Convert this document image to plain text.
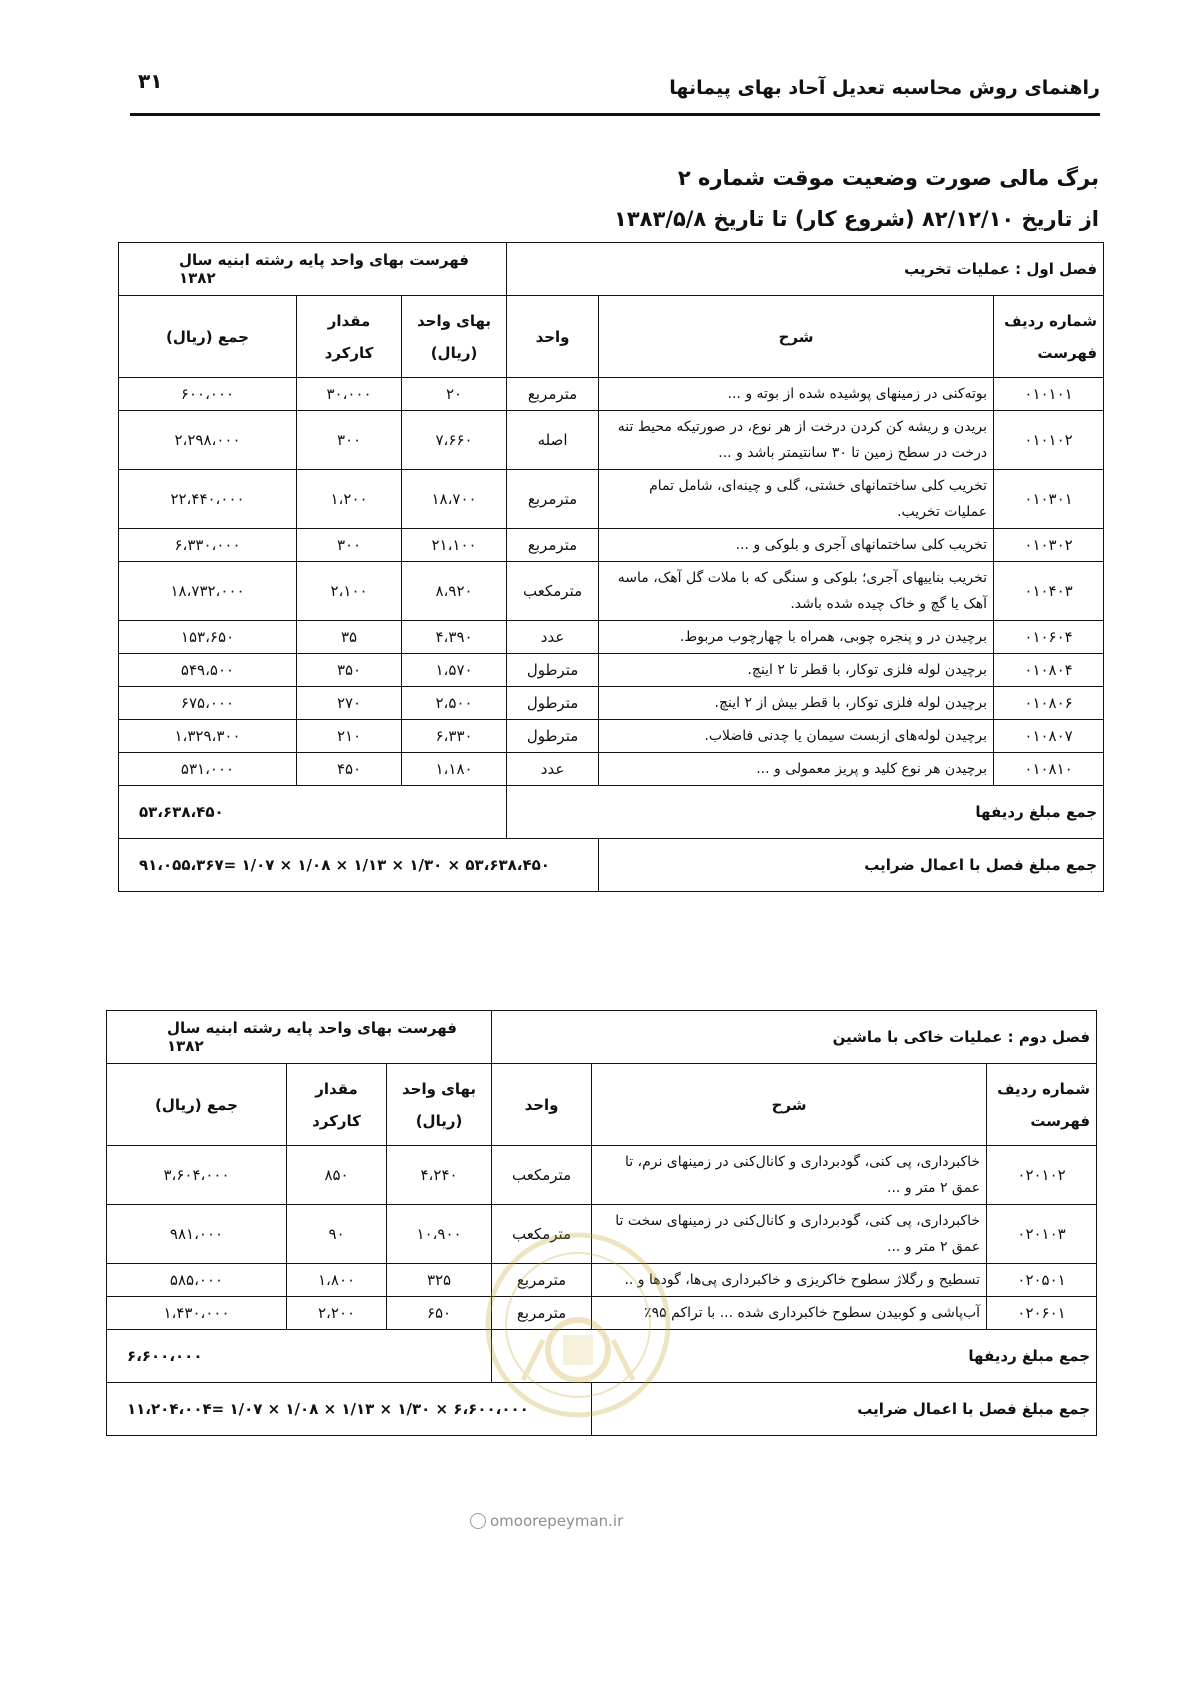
راهنمای روش محاسبه تعدیل آحاد بهای پیمانها
۳۱
برگ مالی صورت وضعیت موقت شماره ۲
از تاریخ ۸۲/۱۲/۱۰ (شروع کار) تا تاریخ ۱۳۸۳/۵/۸
فصل اول : عملیات تخریب			فهرست بهای واحد پایه رشته ابنیه سال ۱۳۸۲		
شماره ردیف فهرست	شرح	واحد	بهای واحد (ریال)	مقدار کارکرد	جمع (ریال)
۰۱۰۱۰۱	بوته‌کنی در زمینهای پوشیده شده از بوته و ...	مترمربع	۲۰	۳۰،۰۰۰	۶۰۰،۰۰۰
۰۱۰۱۰۲	بریدن و ریشه کن کردن درخت از هر نوع، در صورتیکه محیط تنه درخت در سطح زمین تا ۳۰ سانتیمتر باشد و ...	اصله	۷،۶۶۰	۳۰۰	۲،۲۹۸،۰۰۰
۰۱۰۳۰۱	تخریب کلی ساختمانهای خشتی، گلی و چینه‌ای، شامل تمام عملیات تخریب.	مترمربع	۱۸،۷۰۰	۱،۲۰۰	۲۲،۴۴۰،۰۰۰
۰۱۰۳۰۲	تخریب کلی ساختمانهای آجری و بلوکی و ...	مترمربع	۲۱،۱۰۰	۳۰۰	۶،۳۳۰،۰۰۰
۰۱۰۴۰۳	تخریب بناییهای آجری؛ بلوکی و سنگی که با ملات گل آهک، ماسه آهک یا گچ و خاک چیده شده باشد.	مترمکعب	۸،۹۲۰	۲،۱۰۰	۱۸،۷۳۲،۰۰۰
۰۱۰۶۰۴	برچیدن در و پنجره چوبی، همراه با چهارچوب مربوط.	عدد	۴،۳۹۰	۳۵	۱۵۳،۶۵۰
۰۱۰۸۰۴	برچیدن لوله فلزی توکار، با قطر تا ۲ اینچ.	مترطول	۱،۵۷۰	۳۵۰	۵۴۹،۵۰۰
۰۱۰۸۰۶	برچیدن لوله فلزی توکار، با قطر بیش از ۲ اینچ.	مترطول	۲،۵۰۰	۲۷۰	۶۷۵،۰۰۰
۰۱۰۸۰۷	برچیدن لوله‌های ازبست سیمان یا چدنی فاضلاب.	مترطول	۶،۳۳۰	۲۱۰	۱،۳۲۹،۳۰۰
۰۱۰۸۱۰	برچیدن هر نوع کلید و پریز معمولی و ...	عدد	۱،۱۸۰	۴۵۰	۵۳۱،۰۰۰
جمع مبلغ ردیفها			۵۳،۶۳۸،۴۵۰		
جمع مبلغ فصل با اعمال ضرایب		۵۳،۶۳۸،۴۵۰ × ۱/۳۰ × ۱/۱۳ × ۱/۰۸ × ۱/۰۷ =۹۱،۰۵۵،۳۶۷			
فصل دوم : عملیات خاکی با ماشین			فهرست بهای واحد پایه رشته ابنیه سال ۱۳۸۲		
شماره ردیف فهرست	شرح	واحد	بهای واحد (ریال)	مقدار کارکرد	جمع (ریال)
۰۲۰۱۰۲	خاکبرداری، پی کنی، گودبرداری و کانال‌کنی در زمینهای نرم، تا عمق ۲ متر و ...	مترمکعب	۴،۲۴۰	۸۵۰	۳،۶۰۴،۰۰۰
۰۲۰۱۰۳	خاکبرداری، پی کنی، گودبرداری و کانال‌کنی در زمینهای سخت تا عمق ۲ متر و ...	مترمکعب	۱۰،۹۰۰	۹۰	۹۸۱،۰۰۰
۰۲۰۵۰۱	تسطیح و رگلاژ سطوح خاکریزی و خاکبرداری پی‌ها، گودها و ..	مترمربع	۳۲۵	۱،۸۰۰	۵۸۵،۰۰۰
۰۲۰۶۰۱	آب‌پاشی و کوبیدن سطوح خاکبرداری شده ... با تراکم ۹۵٪	مترمربع	۶۵۰	۲،۲۰۰	۱،۴۳۰،۰۰۰
جمع مبلغ ردیفها			۶،۶۰۰،۰۰۰		
جمع مبلغ فصل با اعمال ضرایب		۶،۶۰۰،۰۰۰ × ۱/۳۰ × ۱/۱۳ × ۱/۰۸ × ۱/۰۷ =۱۱،۲۰۴،۰۰۴			
omoorepeyman.ir
